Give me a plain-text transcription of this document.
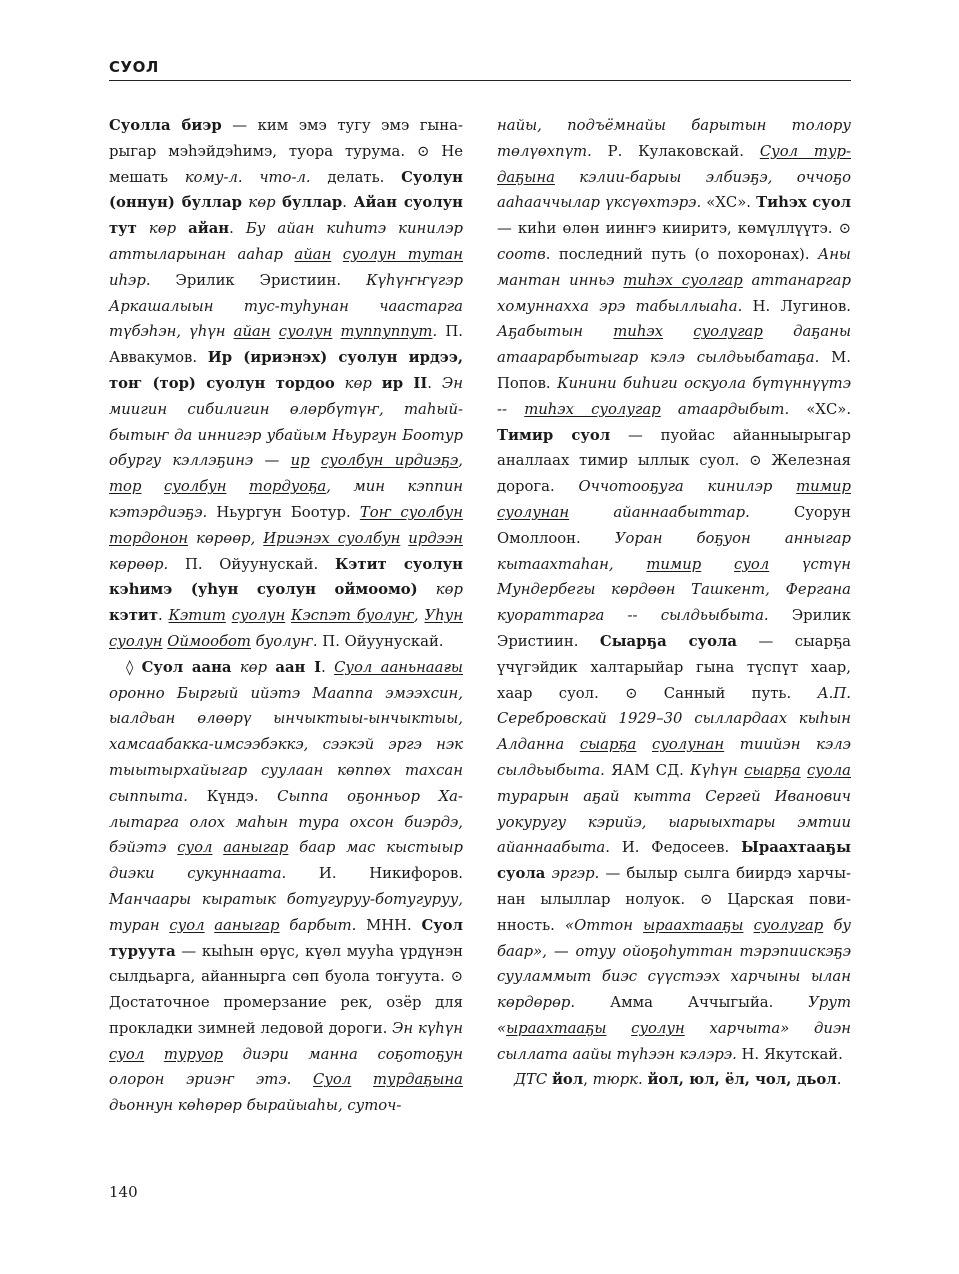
СУОЛ

Суолла биэр — ким эмэ тугу эмэ гынарыгар мэһэйдэһимэ, туора турума. ⊙ Не мешать кому-л. что-л. делать. Суолун (оннун) буллар көр буллар. Айан суолун тут көр айан. Бу айан киһитэ кинилэр аттыларынан ааһар айан суолун тутан иһэр. Эрилик Эристиин. Күһүҥҥүгэр Аркашалыын тус-туһунан чаастарга түбэһэн, үһүн айан суолун туппуппут. П. Аввакумов. Ир (ириэнэх) суолун ирдээ, тоҥ (тор) суолун тордоо көр ир II. Эн миигин сибилигин өлөрбүтүҥ, таһыйбытыҥ да иннигэр убайым Ньургун Боотур обургу кэллэҕинэ — ир суолбун ирдиэҕэ, тор суолбун тордуоҕа, мин кэппин кэтэрдиэҕэ. Ньургун Боотур. Тоҥ суолбун тордонон көрөөр, Ириэнэх суолбун ирдээн көрөөр. П. Ойуунускай. Кэтит суолун кэһимэ (уһун суолун оймоомо) көр кэтит. Кэтит суолун Кэспэт буолуҥ, Уһун суолун Оймообот буолуҥ. П. Ойуунускай.

◊ Суол аана көр аан I. Суол ааньнаағы оронно Быргый ийэтэ Мааппа эмээхсин, ыалдьан өлөөрү ынчыктыы-ынчыктыы, хамсаабакка-имсээбэккэ, сээкэй эргэ нэк тыытырхайыгар суулаан көппөх тахсан сыппыта. Күндэ. Сыппа оҕонньор Халытарга олох маһын тура охсон биэрдэ, бэйэтэ суол ааныгар баар мас кыстыыр диэки сукуннаата. И. Никифоров. Манчаары кыратык ботугуруу-ботугуруу, туран суол ааныгар барбыт. МНН. Суол туруута — кыһын өрүс, күөл мууһа үрдүнэн сылдьарга, айаннырга сөп буола тоҥуута. ⊙ Достаточное промерзание рек, озёр для прокладки зимней ледовой дороги. Эн күһүн суол туруор диэри манна соҕотоҕун олорон эриэҥ этэ. Суол турдаҕына дьоннун көһөрөр бырайыаһы, суточ-

найы, подъёмнайы барытын толору төлүөхпүт. Р. Кулаковскай. Суол турдаҕына кэлии-барыы элбиэҕэ, оччоҕо ааһааччылар үксүөхтэрэ. «ХС». Тиһэх суол — киһи өлөн иинҥэ кииритэ, көмүллүүтэ. ⊙ соотв. последний путь (о похоронах). Аны мантан инньэ тиһэх суолгар аттанаргар хомуннахха эрэ табыллыаһа. Н. Лугинов. Аҕабытын тиһэх суолугар даҕаны атаарарбытыгар кэлэ сылдьыбатаҕа. М. Попов. Кинини биһиги оскуола бүтүннүүтэ -- тиһэх суолугар атаардыбыт. «ХС». Тимир суол — пуойас айанныырыгар аналлаах тимир ыллык суол. ⊙ Железная дорога. Оччотооҕуга кинилэр тимир суолунан айаннаабыттар. Суорун Омоллоон. Уоран боҕуон анныгар кытаахтаһан, тимир суол үстүн Мундербегы көрдөөн Ташкент, Фергана куораттарга -- сылдьыбыта. Эрилик Эристиин. Сыарҕа суола — сыарҕа үчүгэйдик халтарыйар гына түспүт хаар, хаар суол. ⊙ Санный путь. А.П. Серебровскай 1929–30 сыллардаах кыһын Алданна сыарҕа суолунан тиийэн кэлэ сылдьыбыта. ЯАМ СД. Күһүн сыарҕа суола турарын аҕай кытта Сергей Иванович уокуругу кэрийэ, ыарыыхтары эмтии айаннаабыта. И. Федосеев. Ыраахтааҕы суола эргэр. — былыр сылга биирдэ харчынан ылыллар нолуок. ⊙ Царская повинность. «Оттон ыраахтааҕы суолугар бу баар», — отуу ойоҕоһуттан тэрэпиискэҕэ сууламмыт биэс сүүстээх харчыны ылан көрдөрөр. Амма Аччыгыйа. Урут «ыраахтааҕы суолун харчыта» диэн сыллата аайы түһээн кэлэрэ. Н. Якутскай.

ДТС йол, тюрк. йол, юл, ёл, чол, дьол.

140
